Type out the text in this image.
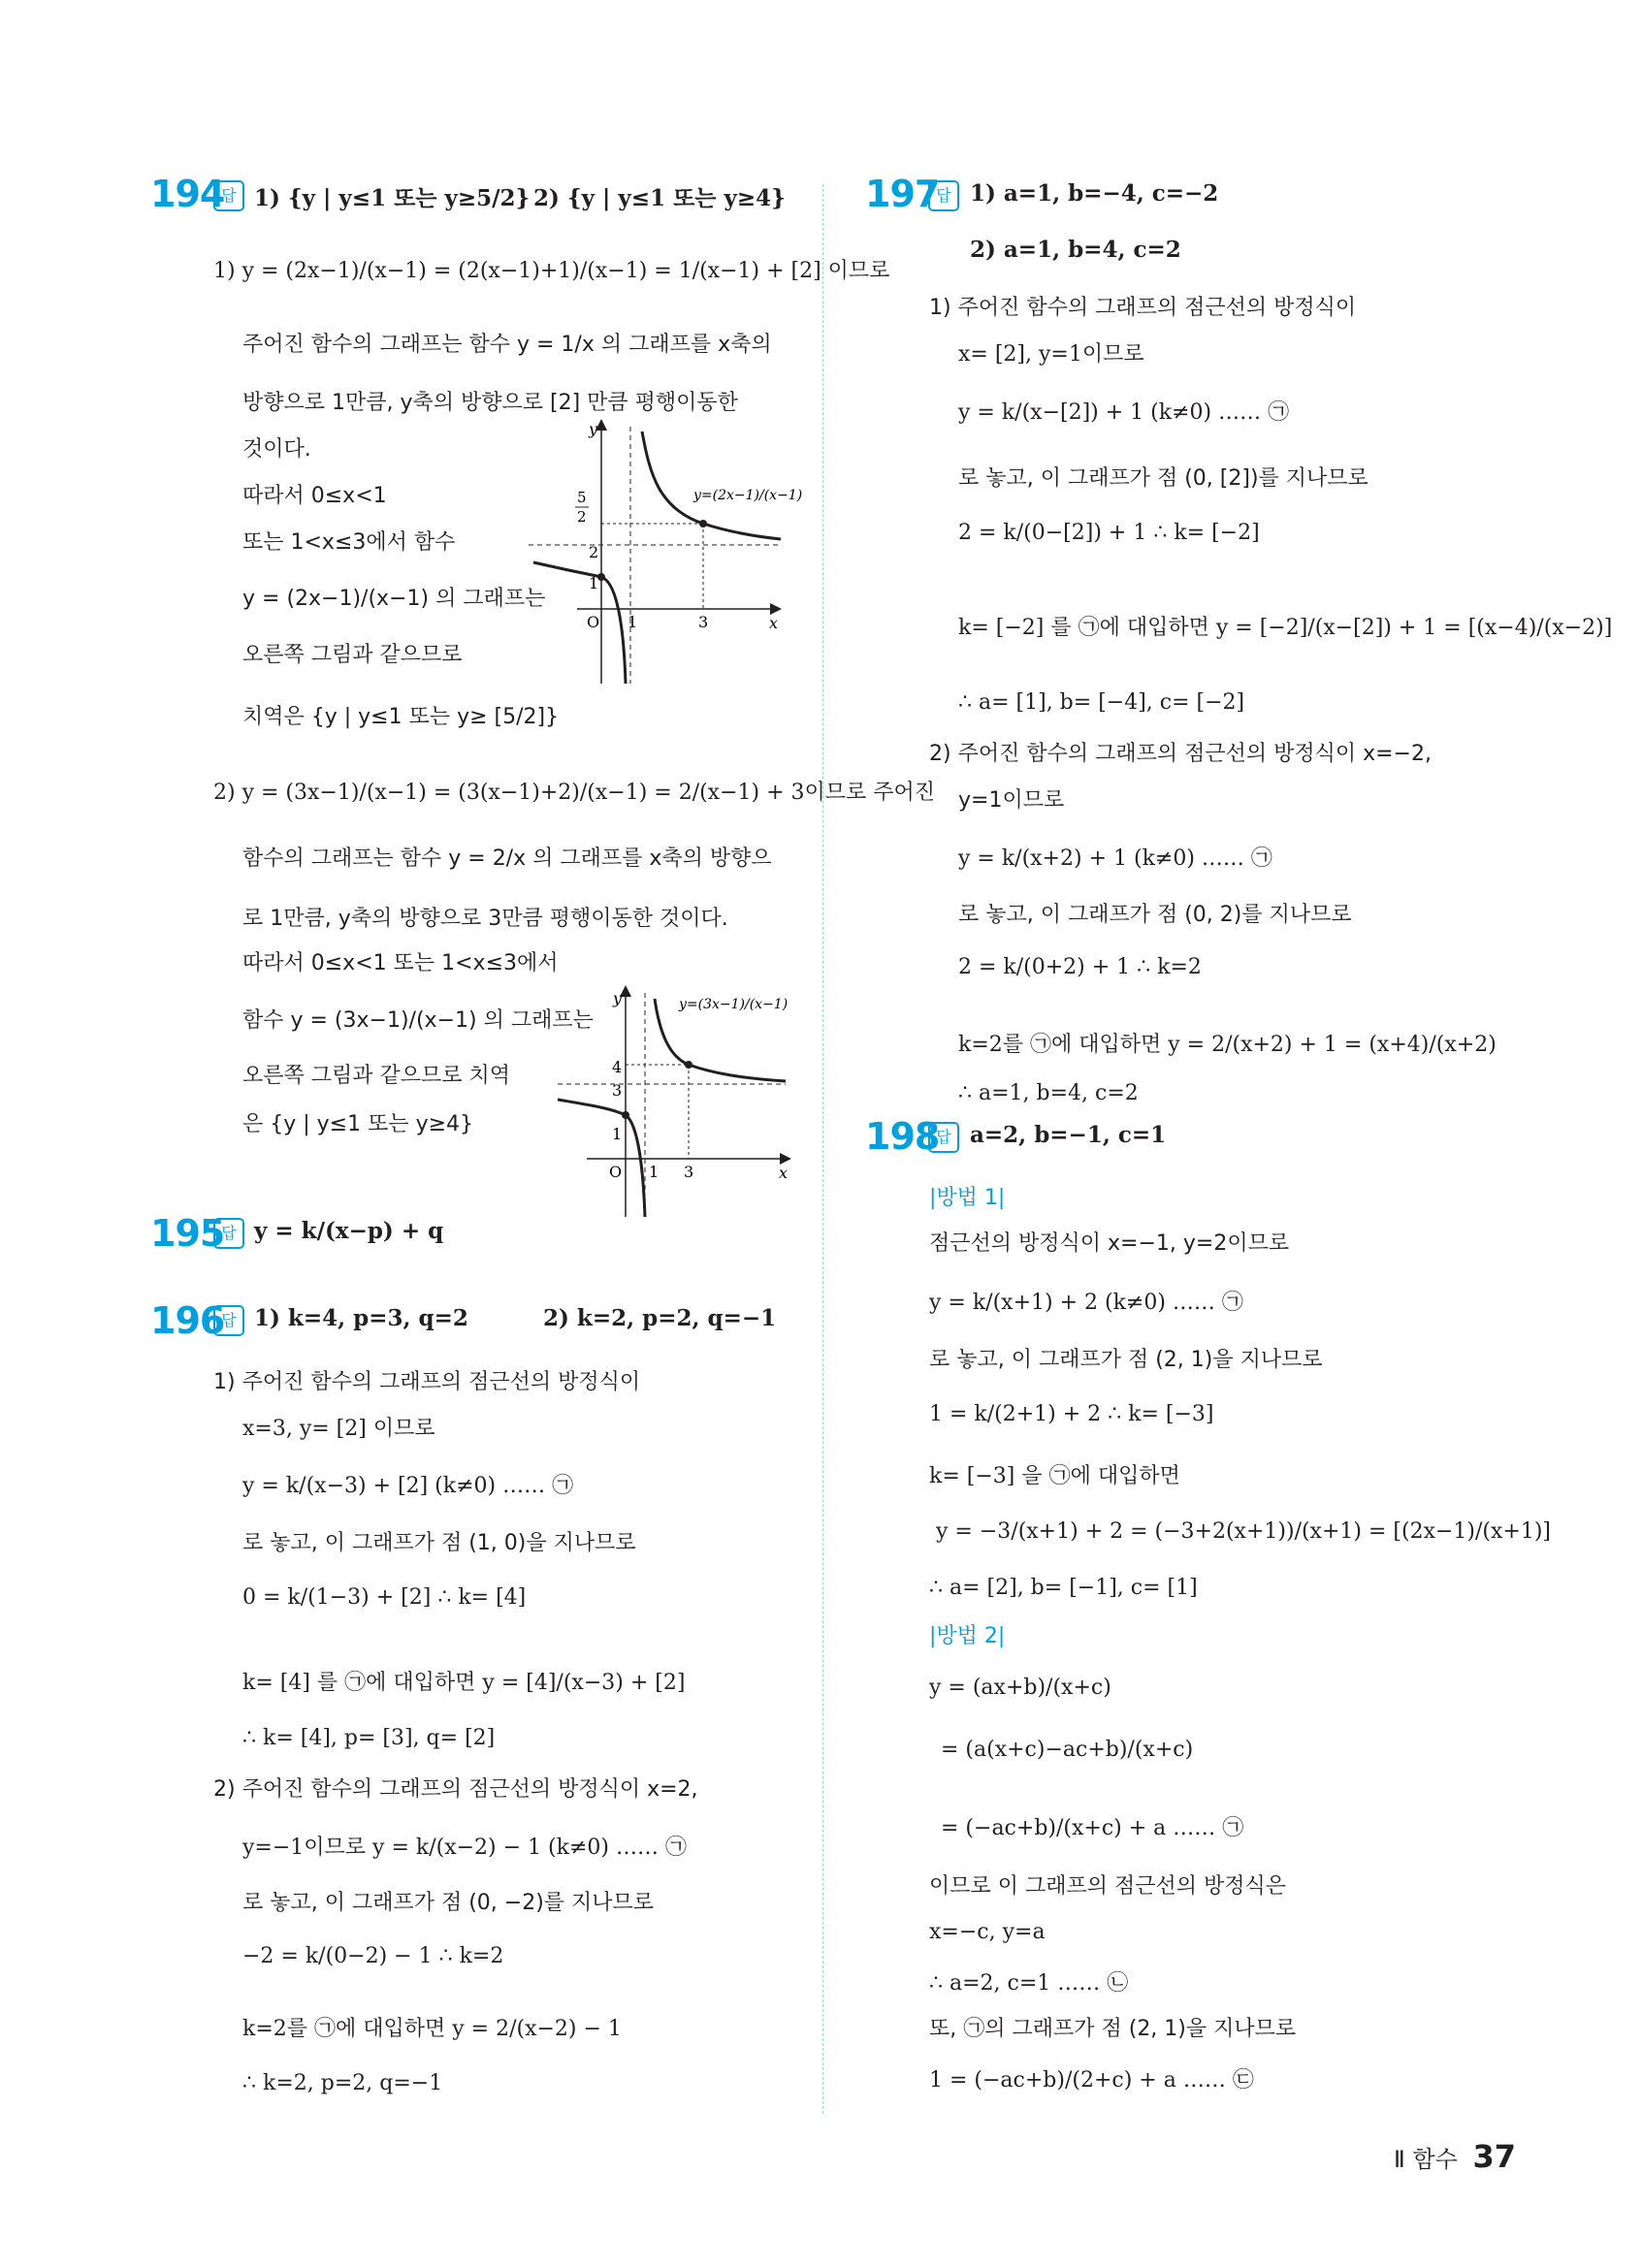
194
답 1) {y | y≤1 또는 y≥5/2} 2) {y | y≤1 또는 y≥4}
1) y = (2x−1)/(x−1) = (2(x−1)+1)/(x−1) = 1/(x−1) + [2] 이므로
주어진 함수의 그래프는 함수 y = 1/x 의 그래프를 x축의
방향으로 1만큼, y축의 방향으로 [2] 만큼 평행이동한
것이다.
따라서 0≤x<1
또는 1<x≤3에서 함수
y = (2x−1)/(x−1) 의 그래프는
오른쪽 그림과 같으므로
치역은 {y | y≤1 또는 y≥ [5/2]}
y
x
O 1	3
1
2
5
2
y=(2x−1)/(x−1)
2) y = (3x−1)/(x−1) = (3(x−1)+2)/(x−1) = 2/(x−1) + 3이므로 주어진
함수의 그래프는 함수 y = 2/x 의 그래프를 x축의 방향으
로 1만큼, y축의 방향으로 3만큼 평행이동한 것이다.
따라서 0≤x<1 또는 1<x≤3에서
함수 y = (3x−1)/(x−1) 의 그래프는
오른쪽 그림과 같으므로 치역
은 {y | y≤1 또는 y≥4}
y
x
O 1 3
1
3
4
y=(3x−1)/(x−1)
195
답 y = k/(x−p) + q
196
답 1) k=4, p=3, q=2	2) k=2, p=2, q=−1
1) 주어진 함수의 그래프의 점근선의 방정식이
x=3, y= [2] 이므로
y = k/(x−3) + [2] (k≠0) …… ㉠
로 놓고, 이 그래프가 점 (1, 0)을 지나므로
0 = k/(1−3) + [2] ∴ k= [4]
k= [4] 를 ㉠에 대입하면 y = [4]/(x−3) + [2]
∴ k= [4], p= [3], q= [2]
2) 주어진 함수의 그래프의 점근선의 방정식이 x=2,
y=−1이므로 y = k/(x−2) − 1 (k≠0) …… ㉠
로 놓고, 이 그래프가 점 (0, −2)를 지나므로
−2 = k/(0−2) − 1 ∴ k=2
k=2를 ㉠에 대입하면 y = 2/(x−2) − 1
∴ k=2, p=2, q=−1
197
답 1) a=1, b=−4, c=−2
2) a=1, b=4, c=2
1) 주어진 함수의 그래프의 점근선의 방정식이
x= [2], y=1이므로
y = k/(x−[2]) + 1 (k≠0) …… ㉠
로 놓고, 이 그래프가 점 (0, [2])를 지나므로
2 = k/(0−[2]) + 1 ∴ k= [−2]
k= [−2] 를 ㉠에 대입하면 y = [−2]/(x−[2]) + 1 = [(x−4)/(x−2)]
∴ a= [1], b= [−4], c= [−2]
2) 주어진 함수의 그래프의 점근선의 방정식이 x=−2,
y=1이므로
y = k/(x+2) + 1 (k≠0) …… ㉠
로 놓고, 이 그래프가 점 (0, 2)를 지나므로
2 = k/(0+2) + 1 ∴ k=2
k=2를 ㉠에 대입하면 y = 2/(x+2) + 1 = (x+4)/(x+2)
∴ a=1, b=4, c=2
198
답 a=2, b=−1, c=1
|방법 1|
점근선의 방정식이 x=−1, y=2이므로
y = k/(x+1) + 2 (k≠0) …… ㉠
로 놓고, 이 그래프가 점 (2, 1)을 지나므로
1 = k/(2+1) + 2 ∴ k= [−3]
k= [−3] 을 ㉠에 대입하면
y = −3/(x+1) + 2 = (−3+2(x+1))/(x+1) = [(2x−1)/(x+1)]
∴ a= [2], b= [−1], c= [1]
|방법 2|
y = (ax+b)/(x+c)
= (a(x+c)−ac+b)/(x+c)
= (−ac+b)/(x+c) + a …… ㉠
이므로 이 그래프의 점근선의 방정식은
x=−c, y=a
∴ a=2, c=1 …… ㉡
또, ㉠의 그래프가 점 (2, 1)을 지나므로
1 = (−ac+b)/(2+c) + a …… ㉢
Ⅱ 함수 37
